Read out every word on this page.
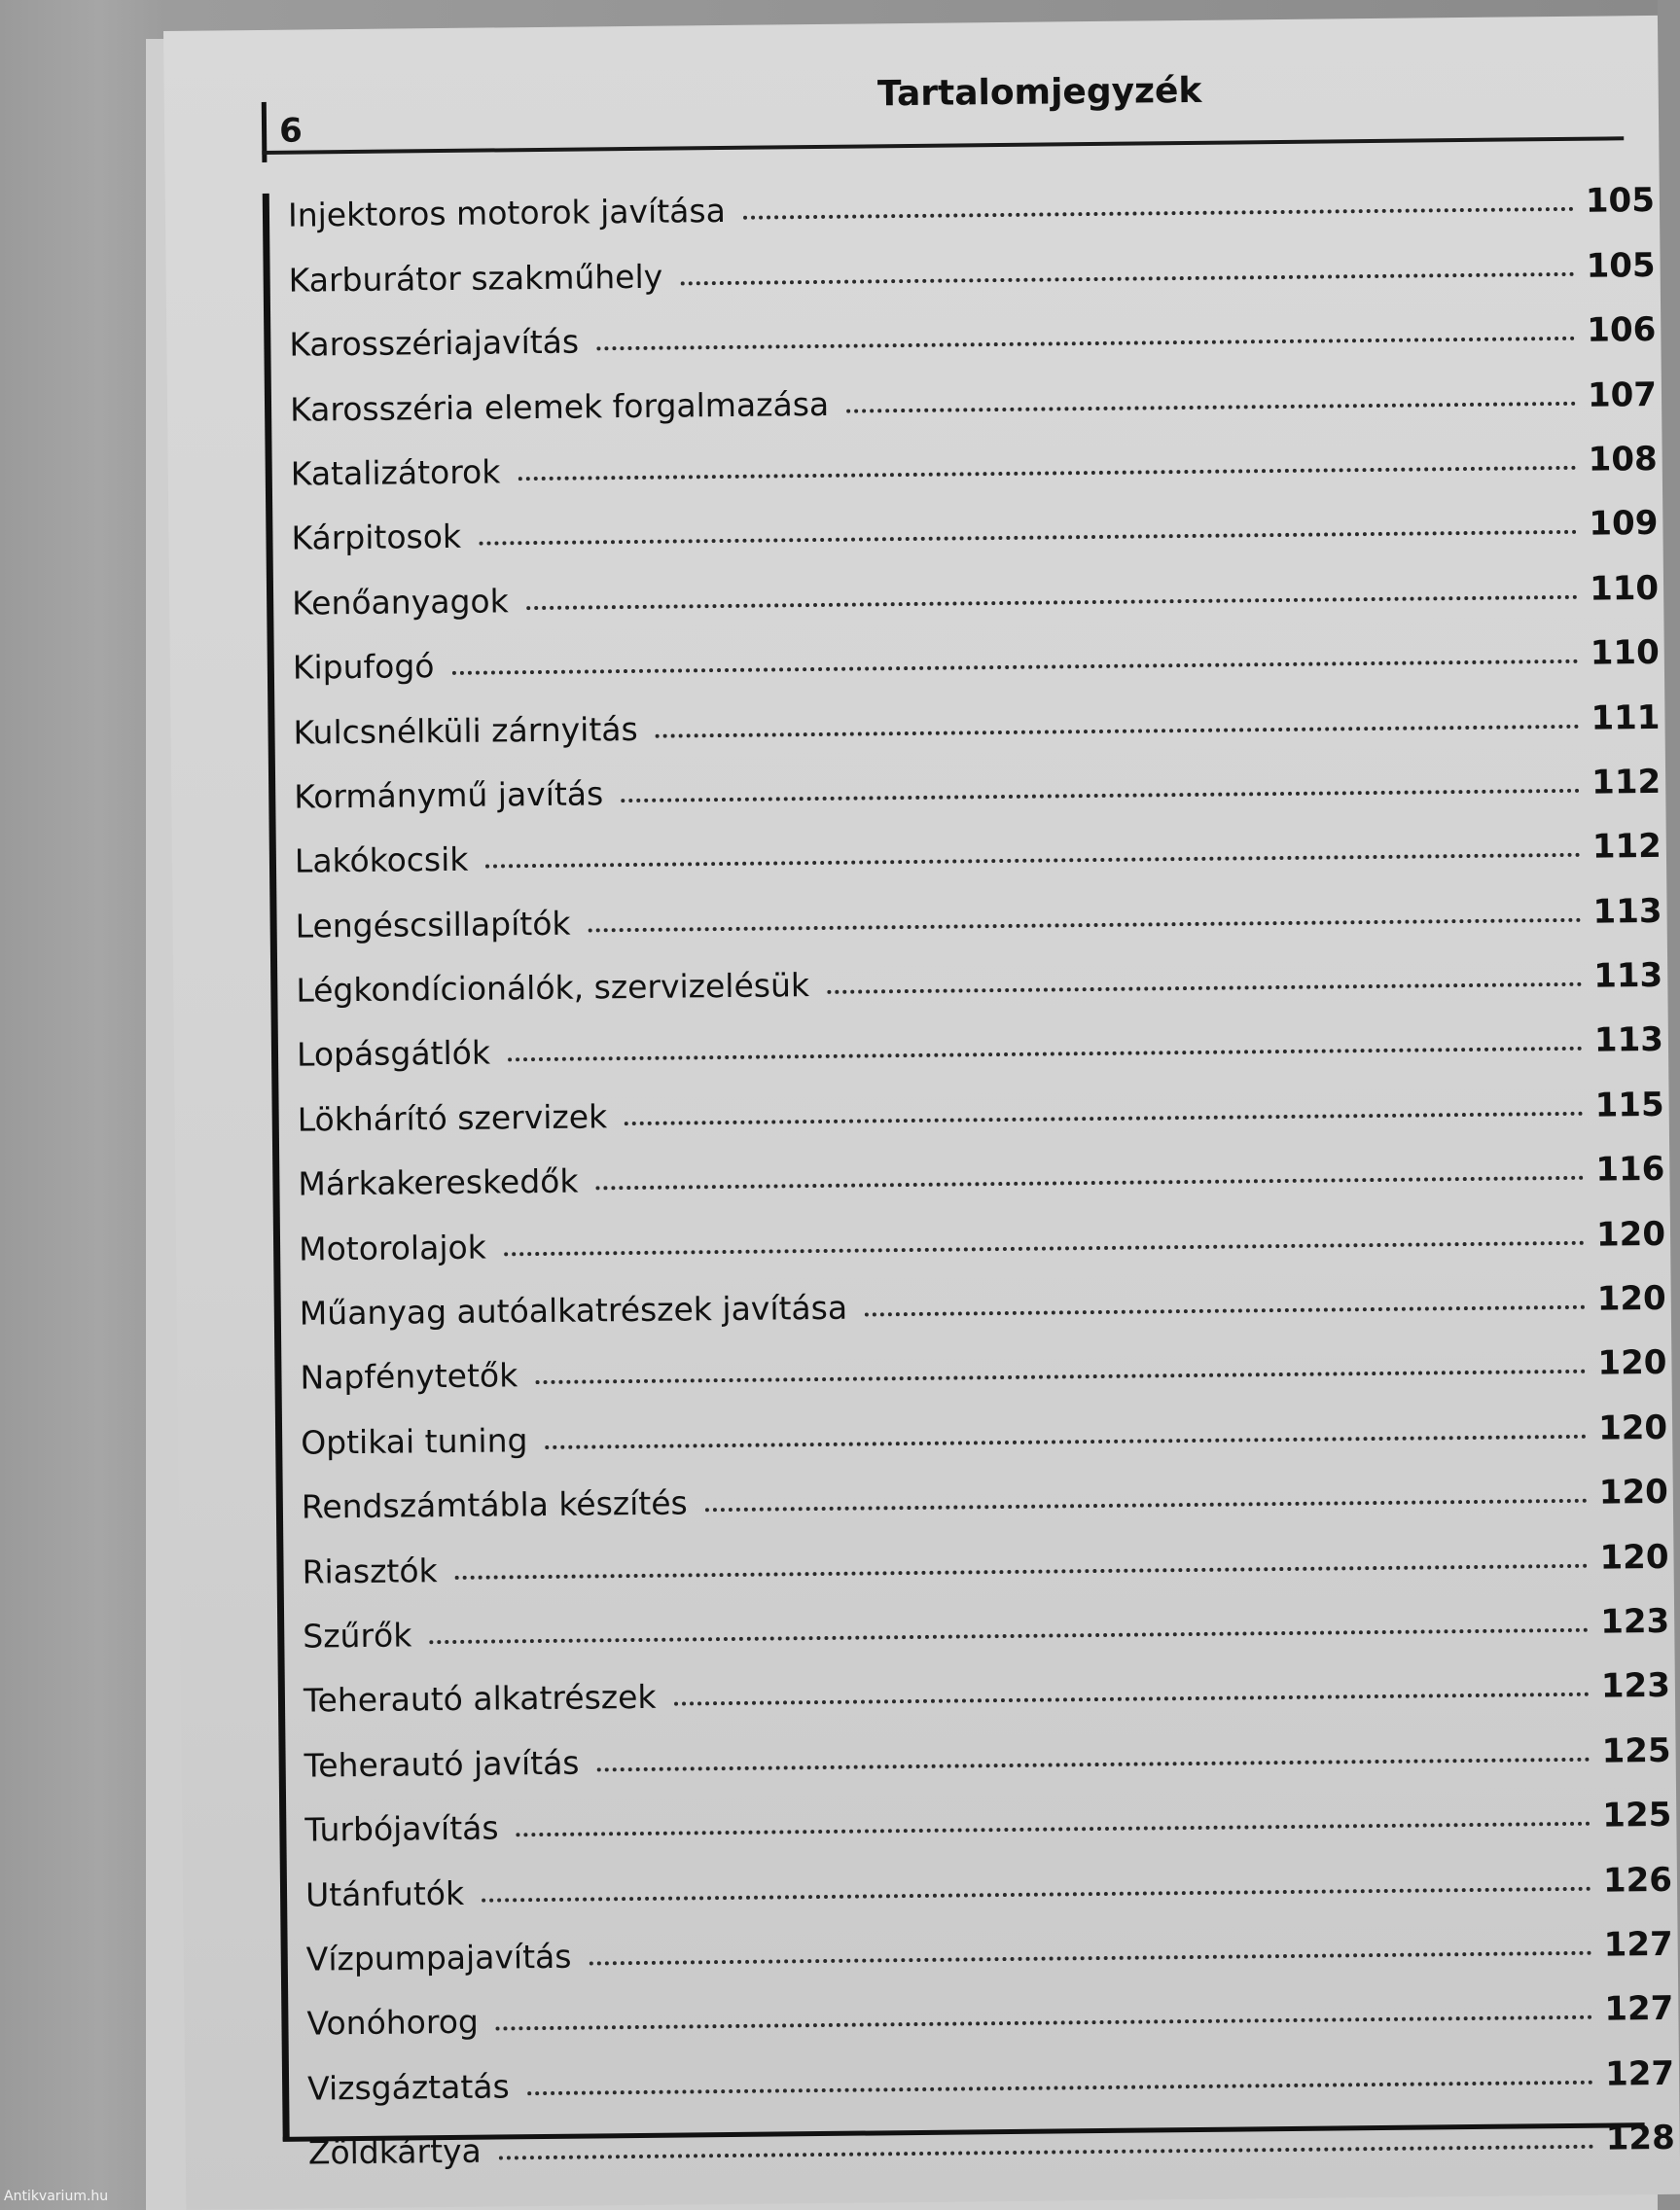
6
Tartalomjegyzék
Injektoros motorok javítása	105
Karburátor szakműhely	105
Karosszériajavítás	106
Karosszéria elemek forgalmazása	107
Katalizátorok	108
Kárpitosok	109
Kenőanyagok	110
Kipufogó	110
Kulcsnélküli zárnyitás	111
Kormánymű javítás	112
Lakókocsik	112
Lengéscsillapítók	113
Légkondícionálók, szervizelésük	113
Lopásgátlók	113
Lökhárító szervizek	115
Márkakereskedők	116
Motorolajok	120
Műanyag autóalkatrészek javítása	120
Napfénytetők	120
Optikai tuning	120
Rendszámtábla készítés	120
Riasztók	120
Szűrők	123
Teherautó alkatrészek	123
Teherautó javítás	125
Turbójavítás	125
Utánfutók	126
Vízpumpajavítás	127
Vonóhorog	127
Vizsgáztatás	127
Zöldkártya	128
Antikvarium.hu
